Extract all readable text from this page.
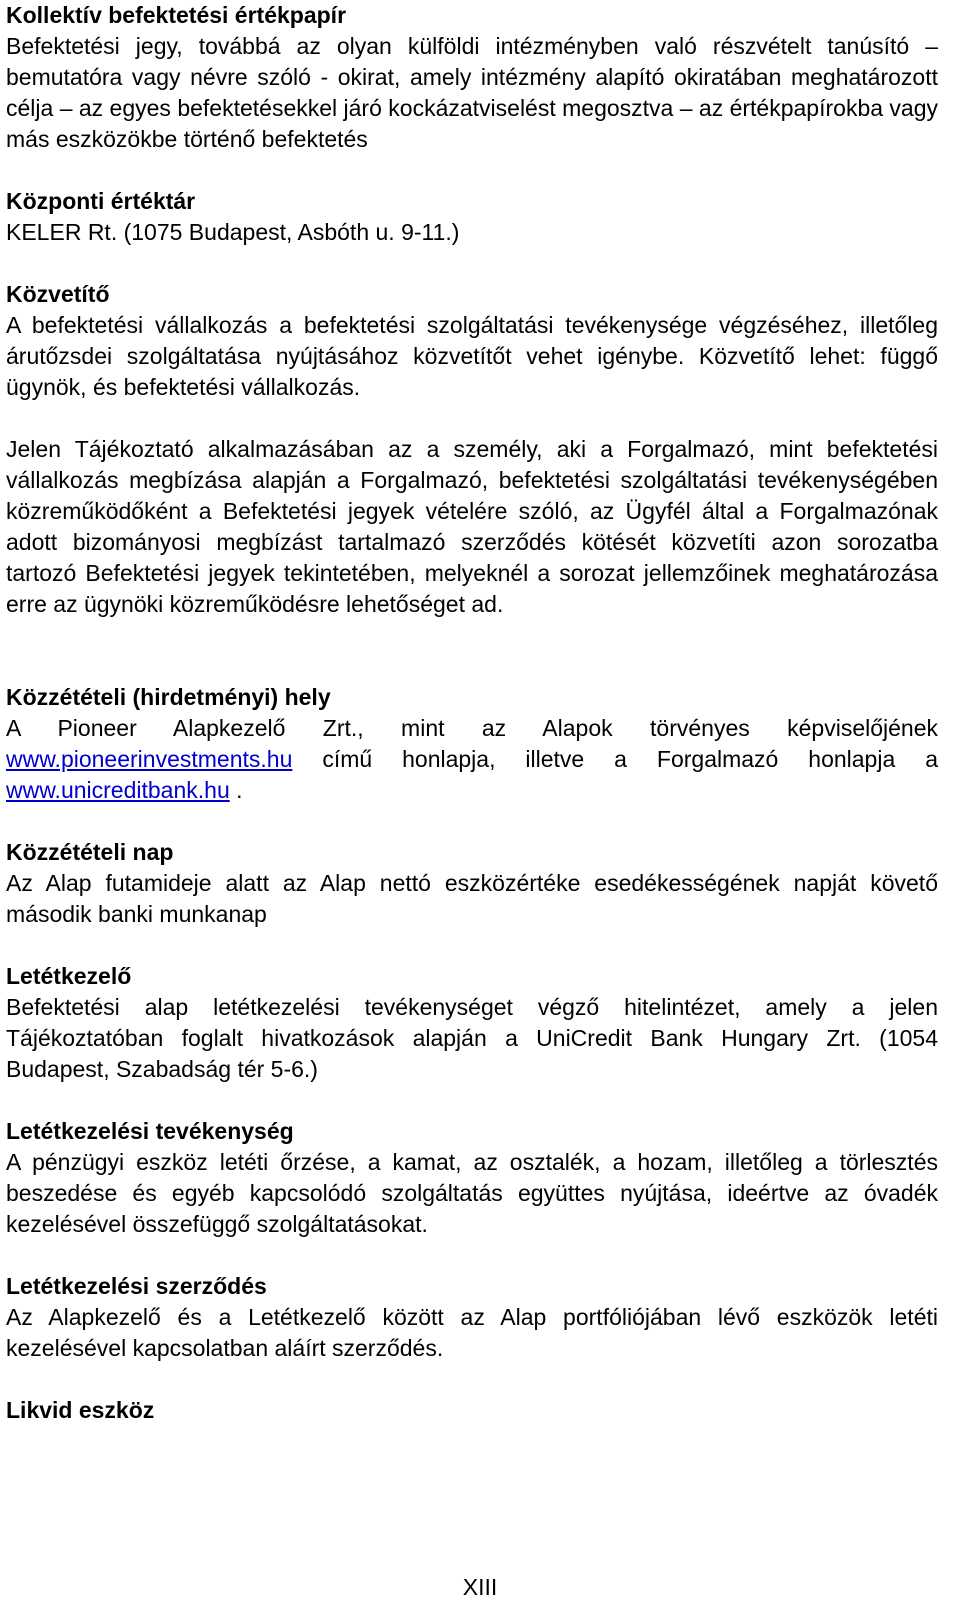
Kollektív befektetési értékpapír

Befektetési jegy, továbbá az olyan külföldi intézményben való részvételt tanúsító – bemutatóra vagy névre szóló - okirat, amely intézmény alapító okiratában meghatározott célja – az egyes befektetésekkel járó kockázatviselést megosztva – az értékpapírokba vagy más eszközökbe történő befektetés

Központi értéktár

KELER Rt. (1075 Budapest, Asbóth u. 9-11.)

Közvetítő

A befektetési vállalkozás a befektetési szolgáltatási tevékenysége végzéséhez, illetőleg árutőzsdei szolgáltatása nyújtásához közvetítőt vehet igénybe. Közvetítő lehet: függő ügynök, és befektetési vállalkozás.

Jelen Tájékoztató alkalmazásában az a személy, aki a Forgalmazó, mint befektetési vállalkozás megbízása alapján a Forgalmazó, befektetési szolgáltatási tevékenységében közreműködőként a Befektetési jegyek vételére szóló, az Ügyfél által a Forgalmazónak adott bizományosi megbízást tartalmazó szerződés kötését közvetíti azon sorozatba tartozó Befektetési jegyek tekintetében, melyeknél a sorozat jellemzőinek meghatározása erre az ügynöki közreműködésre lehetőséget ad.

Közzétételi (hirdetményi) hely

A Pioneer Alapkezelő Zrt., mint az Alapok törvényes képviselőjének www.pioneerinvestments.hu című honlapja, illetve a Forgalmazó honlapja a www.unicreditbank.hu .

Közzétételi nap

Az Alap futamideje alatt az Alap nettó eszközértéke esedékességének napját követő második banki munkanap

Letétkezelő

Befektetési alap letétkezelési tevékenységet végző hitelintézet, amely a jelen Tájékoztatóban foglalt hivatkozások alapján a UniCredit Bank Hungary Zrt. (1054 Budapest, Szabadság tér 5-6.)

Letétkezelési tevékenység

A pénzügyi eszköz letéti őrzése, a kamat, az osztalék, a hozam, illetőleg a törlesztés beszedése és egyéb kapcsolódó szolgáltatás együttes nyújtása, ideértve az óvadék kezelésével összefüggő szolgáltatásokat.

Letétkezelési szerződés

Az Alapkezelő és a Letétkezelő között az Alap portfóliójában lévő eszközök letéti kezelésével kapcsolatban aláírt szerződés.

Likvid eszköz

XIII
